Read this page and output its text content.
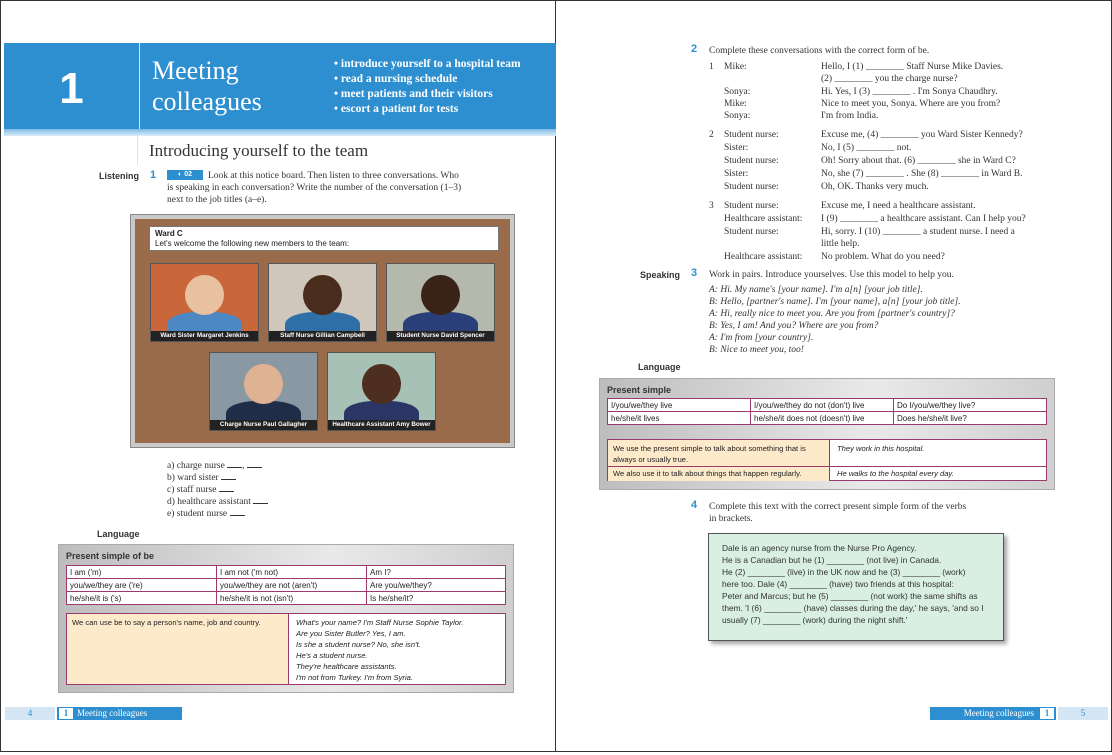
1	Meeting
colleagues
• introduce yourself to a hospital team
• read a nursing schedule
• meet patients and their visitors
• escort a patient for tests
Introducing yourself to the team
Listening 1	◐ 02	Look at this notice board. Then listen to three conversations. Who
is speaking in each conversation? Write the number of the conversation (1–3)
next to the job titles (a–e).
Ward C
Let's welcome the following new members to the team:
Ward Sister Margaret Jenkins	Staff Nurse Gillian Campbell	Student Nurse David Spencer
Charge Nurse Paul Gallagher	Healthcare Assistant Amy Bower
a) charge nurse ,
b) ward sister
c) staff nurse
d) healthcare assistant
e) student nurse
Language
Present simple of be
I am ('m)	I am not ('m not)	Am I?
you/we/they are ('re)	you/we/they are not (aren't)	Are you/we/they?
he/she/it is ('s)	he/she/it is not (isn't)	Is he/she/it?
We can use be to say a person's name, job and country.	What's your name? I'm Staff Nurse Sophie Taylor.
Are you Sister Butler? Yes, I am.
Is she a student nurse? No, she isn't.
He's a student nurse.
They're healthcare assistants.
I'm not from Turkey. I'm from Syria.
4	1 Meeting colleagues
2 Complete these conversations with the correct form of be.
1 Mike:	Hello, I (1) ________ Staff Nurse Mike Davies.
(2) ________ you the charge nurse?
Sonya:	Hi. Yes, I (3) ________ . I'm Sonya Chaudhry.
Mike:	Nice to meet you, Sonya. Where are you from?
Sonya:	I'm from India.
2 Student nurse:	Excuse me, (4) ________ you Ward Sister Kennedy?
Sister:	No, I (5) ________ not.
Student nurse:	Oh! Sorry about that. (6) ________ she in Ward C?
Sister:	No, she (7) ________ . She (8) ________ in Ward B.
Student nurse:	Oh, OK. Thanks very much.
3 Student nurse:	Excuse me, I need a healthcare assistant.
Healthcare assistant: I (9) ________ a healthcare assistant. Can I help you?
Student nurse:	Hi, sorry. I (10) ________ a student nurse. I need a
little help.
Healthcare assistant: No problem. What do you need?
Speaking 3 Work in pairs. Introduce yourselves. Use this model to help you.
A: Hi. My name's [your name]. I'm a[n] [your job title].
B: Hello, [partner's name]. I'm [your name], a[n] [your job title].
A: Hi, really nice to meet you. Are you from [partner's country]?
B: Yes, I am! And you? Where are you from?
A: I'm from [your country].
B: Nice to meet you, too!
Language
Present simple
I/you/we/they live	I/you/we/they do not (don't) live	Do I/you/we/they live?
he/she/it lives	he/she/it does not (doesn't) live	Does he/she/it live?
We use the present simple to talk about something that is always or usually true.
They work in this hospital.
We also use it to talk about things that happen regularly.	He walks to the hospital every day.
4 Complete this text with the correct present simple form of the verbs
in brackets.
Dale is an agency nurse from the Nurse Pro Agency.
He is a Canadian but he (1) ________ (not live) in Canada.
He (2) ________ (live) in the UK now and he (3) ________ (work)
here too. Dale (4) ________ (have) two friends at this hospital:
Peter and Marcus; but he (5) ________ (not work) the same shifts as
them. 'I (6) ________ (have) classes during the day,' he says, 'and so I
usually (7) ________ (work) during the night shift.'
Meeting colleagues 1	5
